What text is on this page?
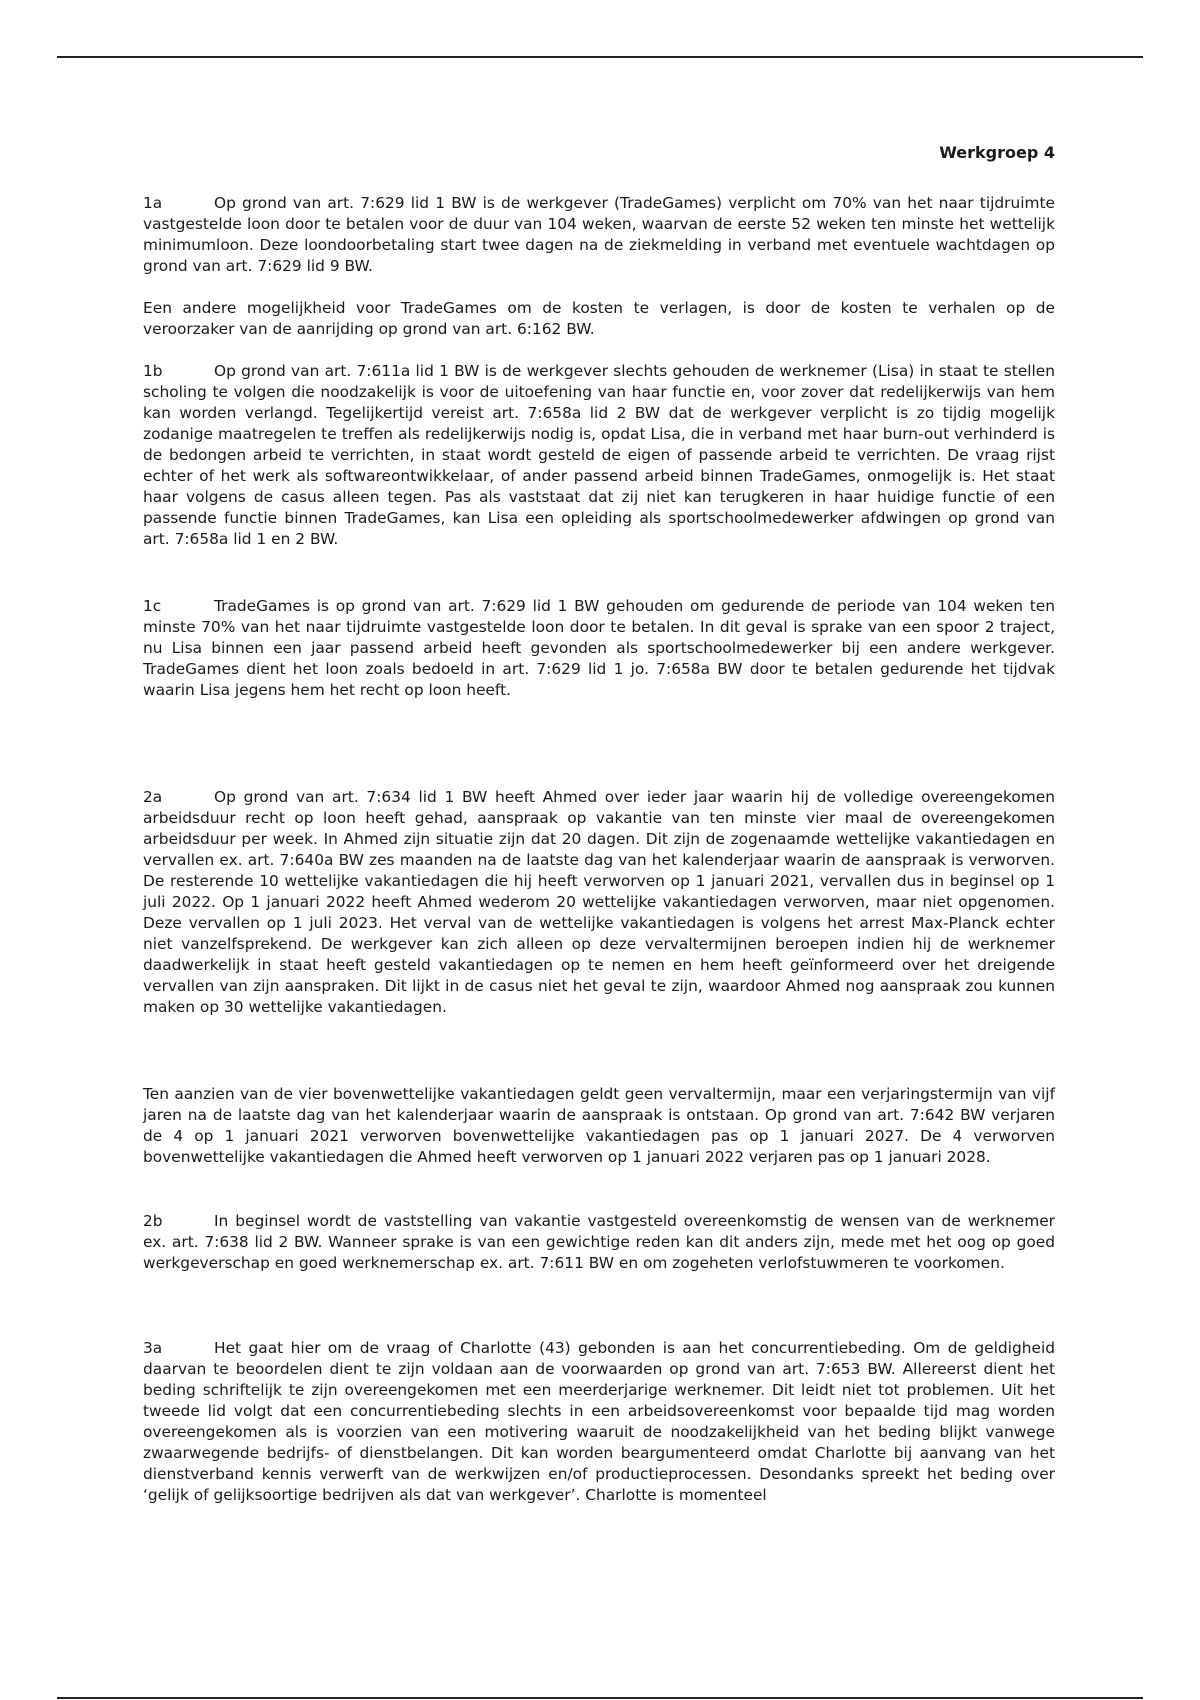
Werkgroep 4

1a	Op grond van art. 7:629 lid 1 BW is de werkgever (TradeGames) verplicht om 70% van het naar tijdruimte vastgestelde loon door te betalen voor de duur van 104 weken, waarvan de eerste 52 weken ten minste het wettelijk minimumloon. Deze loondoorbetaling start twee dagen na de ziekmelding in verband met eventuele wachtdagen op grond van art. 7:629 lid 9 BW.

Een andere mogelijkheid voor TradeGames om de kosten te verlagen, is door de kosten te verhalen op de veroorzaker van de aanrijding op grond van art. 6:162 BW.

1b	Op grond van art. 7:611a lid 1 BW is de werkgever slechts gehouden de werknemer (Lisa) in staat te stellen scholing te volgen die noodzakelijk is voor de uitoefening van haar functie en, voor zover dat redelijkerwijs van hem kan worden verlangd. Tegelijkertijd vereist art. 7:658a lid 2 BW dat de werkgever verplicht is zo tijdig mogelijk zodanige maatregelen te treffen als redelijkerwijs nodig is, opdat Lisa, die in verband met haar burn-out verhinderd is de bedongen arbeid te verrichten, in staat wordt gesteld de eigen of passende arbeid te verrichten. De vraag rijst echter of het werk als softwareontwikkelaar, of ander passend arbeid binnen TradeGames, onmogelijk is. Het staat haar volgens de casus alleen tegen. Pas als vaststaat dat zij niet kan terugkeren in haar huidige functie of een passende functie binnen TradeGames, kan Lisa een opleiding als sportschoolmedewerker afdwingen op grond van art. 7:658a lid 1 en 2 BW.

1c	TradeGames is op grond van art. 7:629 lid 1 BW gehouden om gedurende de periode van 104 weken ten minste 70% van het naar tijdruimte vastgestelde loon door te betalen. In dit geval is sprake van een spoor 2 traject, nu Lisa binnen een jaar passend arbeid heeft gevonden als sportschoolmedewerker bij een andere werkgever. TradeGames dient het loon zoals bedoeld in art. 7:629 lid 1 jo. 7:658a BW door te betalen gedurende het tijdvak waarin Lisa jegens hem het recht op loon heeft.

2a	Op grond van art. 7:634 lid 1 BW heeft Ahmed over ieder jaar waarin hij de volledige overeengekomen arbeidsduur recht op loon heeft gehad, aanspraak op vakantie van ten minste vier maal de overeengekomen arbeidsduur per week. In Ahmed zijn situatie zijn dat 20 dagen. Dit zijn de zogenaamde wettelijke vakantiedagen en vervallen ex. art. 7:640a BW zes maanden na de laatste dag van het kalenderjaar waarin de aanspraak is verworven. De resterende 10 wettelijke vakantiedagen die hij heeft verworven op 1 januari 2021, vervallen dus in beginsel op 1 juli 2022. Op 1 januari 2022 heeft Ahmed wederom 20 wettelijke vakantiedagen verworven, maar niet opgenomen. Deze vervallen op 1 juli 2023. Het verval van de wettelijke vakantiedagen is volgens het arrest Max-Planck echter niet vanzelfsprekend. De werkgever kan zich alleen op deze vervaltermijnen beroepen indien hij de werknemer daadwerkelijk in staat heeft gesteld vakantiedagen op te nemen en hem heeft geïnformeerd over het dreigende vervallen van zijn aanspraken. Dit lijkt in de casus niet het geval te zijn, waardoor Ahmed nog aanspraak zou kunnen maken op 30 wettelijke vakantiedagen.

Ten aanzien van de vier bovenwettelijke vakantiedagen geldt geen vervaltermijn, maar een verjaringstermijn van vijf jaren na de laatste dag van het kalenderjaar waarin de aanspraak is ontstaan. Op grond van art. 7:642 BW verjaren de 4 op 1 januari 2021 verworven bovenwettelijke vakantiedagen pas op 1 januari 2027. De 4 verworven bovenwettelijke vakantiedagen die Ahmed heeft verworven op 1 januari 2022 verjaren pas op 1 januari 2028.

2b	In beginsel wordt de vaststelling van vakantie vastgesteld overeenkomstig de wensen van de werknemer ex. art. 7:638 lid 2 BW. Wanneer sprake is van een gewichtige reden kan dit anders zijn, mede met het oog op goed werkgeverschap en goed werknemerschap ex. art. 7:611 BW en om zogeheten verlofstuwmeren te voorkomen.

3a	Het gaat hier om de vraag of Charlotte (43) gebonden is aan het concurrentiebeding. Om de geldigheid daarvan te beoordelen dient te zijn voldaan aan de voorwaarden op grond van art. 7:653 BW. Allereerst dient het beding schriftelijk te zijn overeengekomen met een meerderjarige werknemer. Dit leidt niet tot problemen. Uit het tweede lid volgt dat een concurrentiebeding slechts in een arbeidsovereenkomst voor bepaalde tijd mag worden overeengekomen als is voorzien van een motivering waaruit de noodzakelijkheid van het beding blijkt vanwege zwaarwegende bedrijfs- of dienstbelangen. Dit kan worden beargumenteerd omdat Charlotte bij aanvang van het dienstverband kennis verwerft van de werkwijzen en/of productieprocessen. Desondanks spreekt het beding over ‘gelijk of gelijksoortige bedrijven als dat van werkgever’. Charlotte is momenteel
